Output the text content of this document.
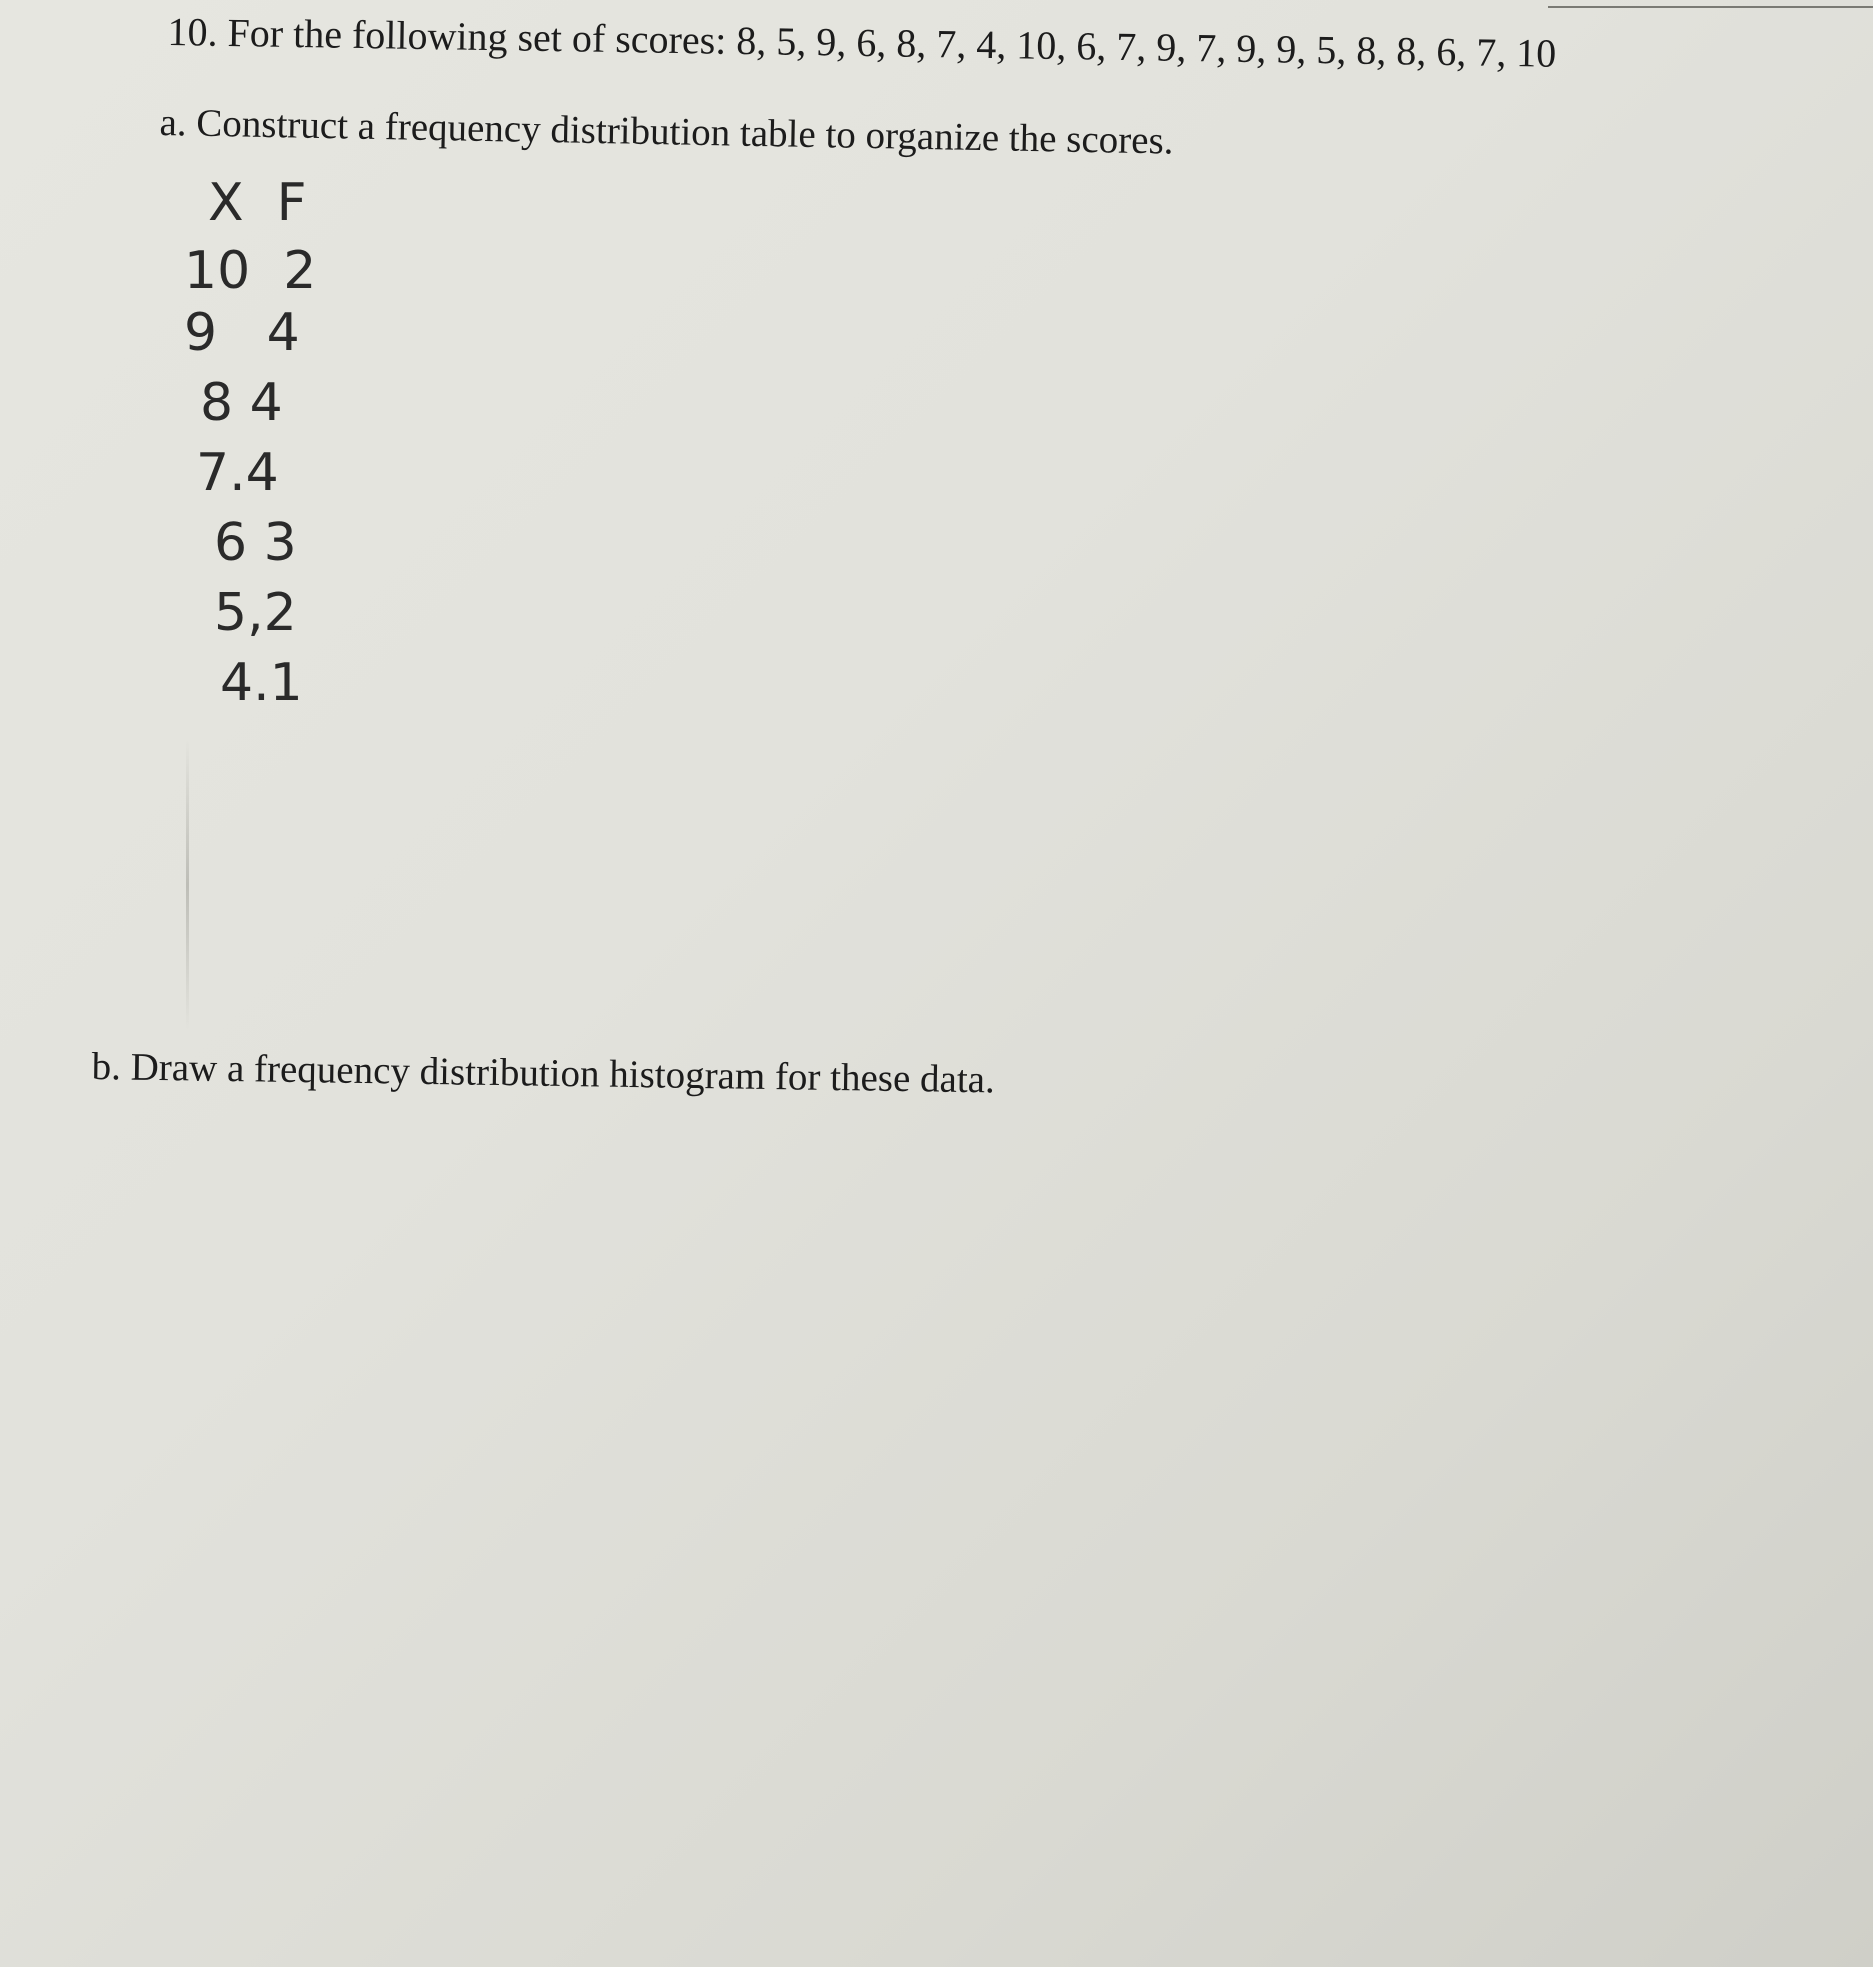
10. For the following set of scores: 8, 5, 9, 6, 8, 7, 4, 10, 6, 7, 9, 7, 9, 9, 5, 8, 8, 6, 7, 10
a. Construct a frequency distribution table to organize the scores.
X  F
10  2
9   4
8 4
7.4
6 3
5,2
4.1
b. Draw a frequency distribution histogram for these data.
